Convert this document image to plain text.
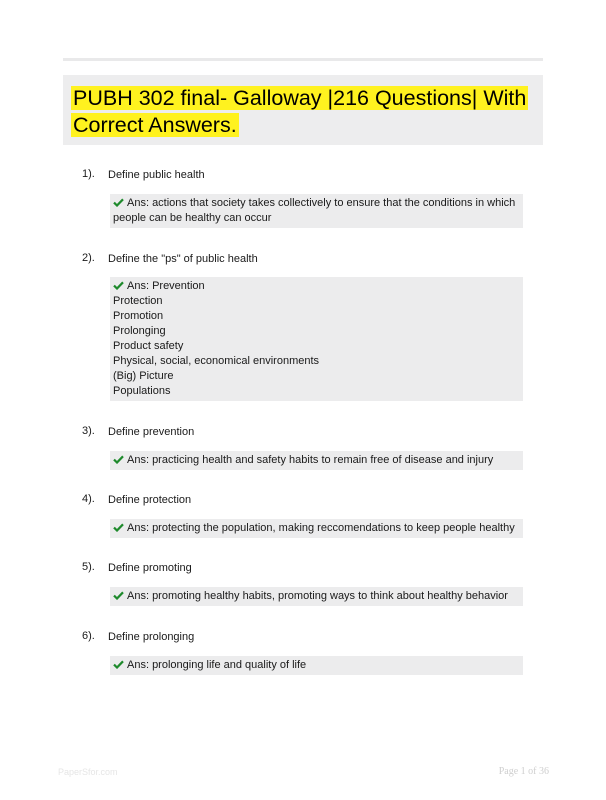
PUBH 302 final- Galloway |216 Questions| With Correct Answers.
1). Define public health
Ans: actions that society takes collectively to ensure that the conditions in which
people can be healthy can occur
2). Define the "ps" of public health
Ans: Prevention
Protection
Promotion
Prolonging
Product safety
Physical, social, economical environments
(Big) Picture
Populations
3). Define prevention
Ans: practicing health and safety habits to remain free of disease and injury
4). Define protection
Ans: protecting the population, making reccomendations to keep people healthy
5). Define promoting
Ans: promoting healthy habits, promoting ways to think about healthy behavior
6). Define prolonging
Ans: prolonging life and quality of life
PaperSfor.com	Page 1 of 36
